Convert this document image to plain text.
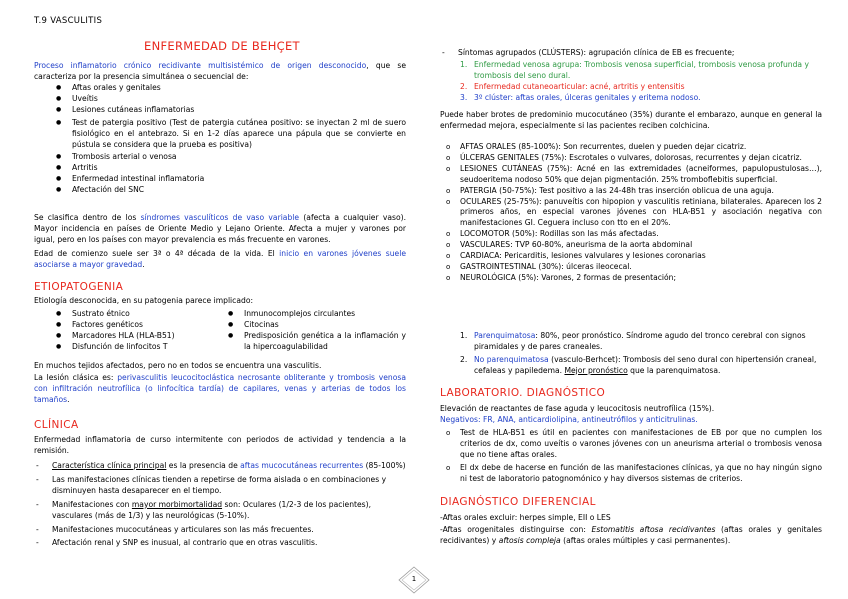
T.9 VASCULITIS
ENFERMEDAD DE BEHÇET
Proceso inflamatorio crónico recidivante multisistémico de origen desconocido, que se caracteriza por la presencia simultánea o secuencial de:
● Aftas orales y genitales
● Uveítis
● Lesiones cutáneas inflamatorias
● Test de patergia positivo (Test de patergia cutánea positivo: se inyectan 2 ml de suero fisiológico en el antebrazo. Si en 1-2 días aparece una pápula que se convierte en pústula se considera que la prueba es positiva)
● Trombosis arterial o venosa
● Artritis
● Enfermedad intestinal inflamatoria
● Afectación del SNC
Se clasifica dentro de los síndromes vasculíticos de vaso variable (afecta a cualquier vaso). Mayor incidencia en países de Oriente Medio y Lejano Oriente. Afecta a mujer y varones por igual, pero en los países con mayor prevalencia es más frecuente en varones.
Edad de comienzo suele ser 3ª o 4ª década de la vida. El inicio en varones jóvenes suele asociarse a mayor gravedad.
ETIOPATOGENIA
Etiología desconocida, en su patogenia parece implicado:
● Sustrato étnico
● Factores genéticos
● Marcadores HLA (HLA-B51)
● Disfunción de linfocitos T
● Inmunocomplejos circulantes
● Citocinas
● Predisposición genética a la inflamación y la hipercoagulabilidad
En muchos tejidos afectados, pero no en todos se encuentra una vasculitis.
La lesión clásica es: perivasculitis leucocitoclástica necrosante obliterante y trombosis venosa con infiltración neutrofílica (o linfocítica tardía) de capilares, venas y arterias de todos los tamaños.
CLÍNICA
Enfermedad inflamatoria de curso intermitente con periodos de actividad y tendencia a la remisión.
- Característica clínica principal es la presencia de aftas mucocutáneas recurrentes (85-100%)
- Las manifestaciones clínicas tienden a repetirse de forma aislada o en combinaciones y disminuyen hasta desaparecer en el tiempo.
- Manifestaciones con mayor morbimortalidad son: Oculares (1/2-3 de los pacientes), vasculares (más de 1/3) y las neurológicas (5-10%).
- Manifestaciones mucocutáneas y articulares son las más frecuentes.
- Afectación renal y SNP es inusual, al contrario que en otras vasculitis.
- Síntomas agrupados (CLÚSTERS): agrupación clínica de EB es frecuente;
1. Enfermedad venosa agrupa: Trombosis venosa superficial, trombosis venosa profunda y trombosis del seno dural.
2. Enfermedad cutaneoarticular: acné, artritis y entensitis
3. 3º clúster: aftas orales, úlceras genitales y eritema nodoso.
Puede haber brotes de predominio mucocutáneo (35%) durante el embarazo, aunque en general la enfermedad mejora, especialmente si las pacientes reciben colchicina.
o AFTAS ORALES (85-100%): Son recurrentes, duelen y pueden dejar cicatriz.
o ÚLCERAS GENITALES (75%): Escrotales o vulvares, dolorosas, recurrentes y dejan cicatriz.
o LESIONES CUTÁNEAS (75%): Acné en las extremidades (acneiformes, papulopustulosas…), seudoeritema nodoso 50% que dejan pigmentación. 25% tromboflebitis superficial.
o PATERGIA (50-75%): Test positivo a las 24-48h tras inserción oblicua de una aguja.
o OCULARES (25-75%): panuveítis con hipopion y vasculitis retiniana, bilaterales. Aparecen los 2 primeros años, en especial varones jóvenes con HLA-B51 y asociación negativa con manifestaciones GI. Ceguera incluso con tto en el 20%.
o LOCOMOTOR (50%): Rodillas son las más afectadas.
o VASCULARES: TVP 60-80%, aneurisma de la aorta abdominal
o CARDIACA: Pericarditis, lesiones valvulares y lesiones coronarias
o GASTROINTESTINAL (30%): úlceras ileocecal.
o NEUROLÓGICA (5%): Varones, 2 formas de presentación;
1. Parenquimatosa: 80%, peor pronóstico. Síndrome agudo del tronco cerebral con signos piramidales y de pares craneales.
2. No parenquimatosa (vasculo-Berhcet): Trombosis del seno dural con hipertensión craneal, cefaleas y papiledema. Mejor pronóstico que la parenquimatosa.
LABORATORIO. DIAGNÓSTICO
Elevación de reactantes de fase aguda y leucocitosis neutrofílica (15%).
Negativos: FR, ANA, anticardiolipina, antineutrófilos y anticitrulinas.
o Test de HLA-B51 es útil en pacientes con manifestaciones de EB por que no cumplen los criterios de dx, como uveítis o varones jóvenes con un aneurisma arterial o trombosis venosa que no tiene aftas orales.
o El dx debe de hacerse en función de las manifestaciones clínicas, ya que no hay ningún signo ni test de laboratorio patognomónico y hay diversos sistemas de criterios.
DIAGNÓSTICO DIFERENCIAL
-Aftas orales excluir: herpes simple, EII o LES
-Aftas orogenitales distinguirse con: Estomatitis aftosa recidivantes (aftas orales y genitales recidivantes) y aftosis compleja (aftas orales múltiples y casi permanentes).
1
